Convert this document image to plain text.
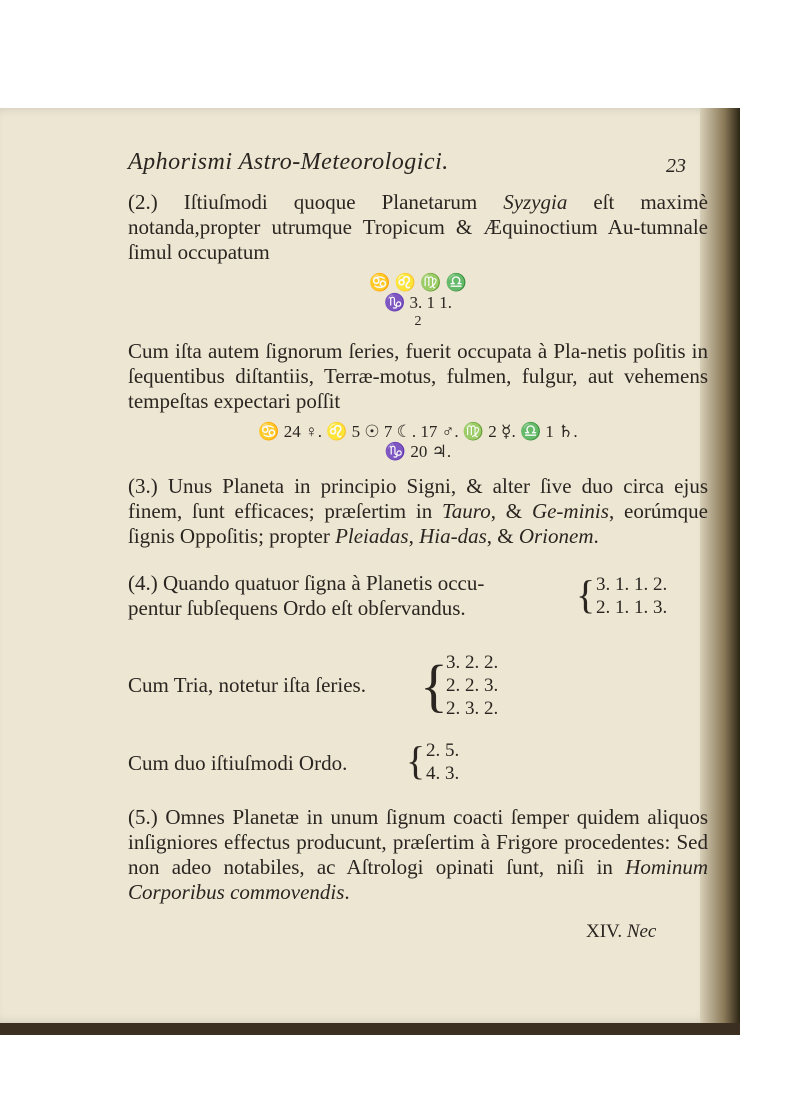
Aphorismi Astro-Meteorologici.	23

(2.) Iſtiuſmodi quoque Planetarum Syzygia eſt maximè notanda,propter utrumque Tropicum & Æquinoctium Au-tumnale ſimul occupatum

♋ ♌ ♍ ♎
♑ 3. 1 1.
2

Cum iſta autem ſignorum ſeries, fuerit occupata à Pla-netis poſitis in ſequentibus diſtantiis, Terræ-motus, fulmen, fulgur, aut vehemens tempeſtas expectari poſſit

♋ 24 ♀. ♌ 5 ☉ 7 ☾. 17 ♂. ♍ 2 ☿. ♎ 1 ♄.
♑ 20 ♃.

(3.) Unus Planeta in principio Signi, & alter ſive duo circa ejus finem, ſunt efficaces; præſertim in Tauro, & Ge-minis, eorúmque ſignis Oppoſitis; propter Pleiadas, Hia-das, & Orionem.

(4.) Quando quatuor ſigna à Planetis occu-
pentur ſubſequens Ordo eſt obſervandus.	{ 3. 1. 1. 2.
2. 1. 1. 3.
Cum Tria, notetur iſta ſeries. {
3. 2. 2.
2. 2. 3.
2. 3. 2.
Cum duo iſtiuſmodi Ordo. { 2. 5.
4. 3.

(5.) Omnes Planetæ in unum ſignum coacti ſemper quidem aliquos inſigniores effectus producunt, præſertim à Frigore procedentes: Sed non adeo notabiles, ac Aſtrologi opinati ſunt, niſi in Hominum Corporibus commovendis.

XIV. Nec
